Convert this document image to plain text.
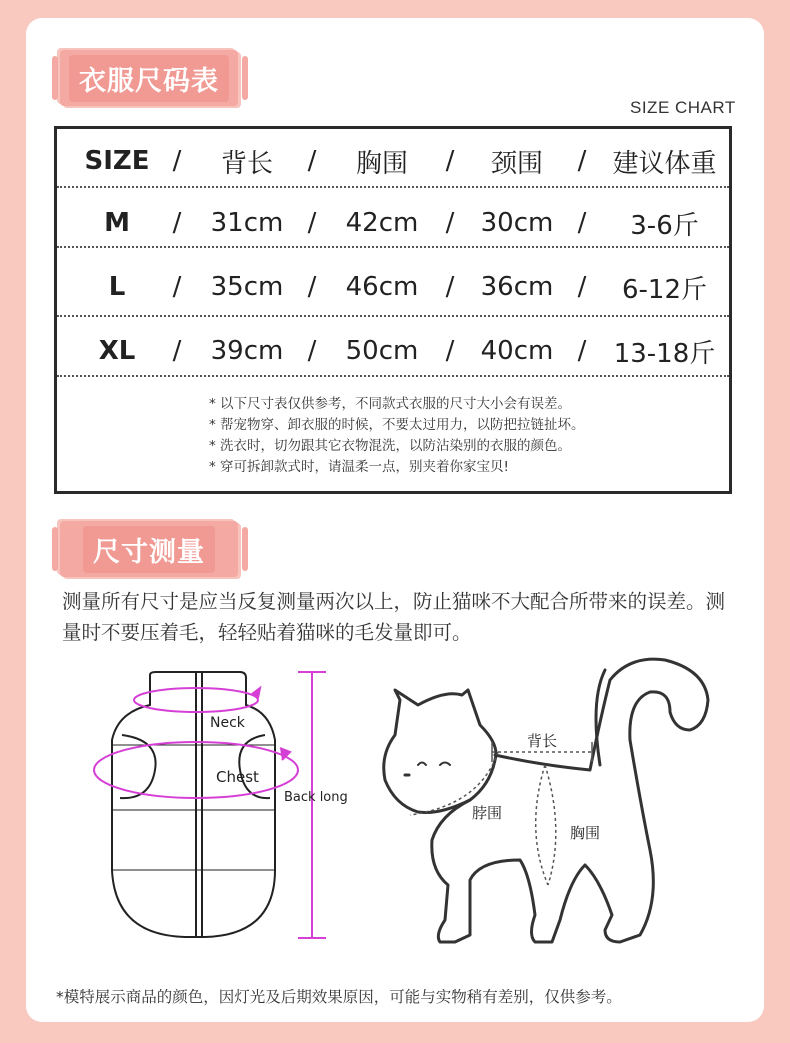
衣服尺码表
SIZE CHART
SIZE /	背长	/	胸围	/	颈围	/	建议体重
M	/	31cm /	42cm	/	30cm /	3-6斤
L	/	35cm /	46cm	/	36cm /	6-12斤
XL	/	39cm /	50cm	/	40cm /	13-18斤
* 以下尺寸表仅供参考，不同款式衣服的尺寸大小会有误差。
* 帮宠物穿、卸衣服的时候，不要太过用力，以防把拉链扯坏。
* 洗衣时，切勿跟其它衣物混洗，以防沾染别的衣服的颜色。
* 穿可拆卸款式时，请温柔一点，别夹着你家宝贝!
尺寸测量
测量所有尺寸是应当反复测量两次以上，防止猫咪不大配合所带来的误差。测量时不要压着毛，轻轻贴着猫咪的毛发量即可。
Neck
Chest
Back long
背长
脖围
胸围
*模特展示商品的颜色，因灯光及后期效果原因，可能与实物稍有差别，仅供参考。
